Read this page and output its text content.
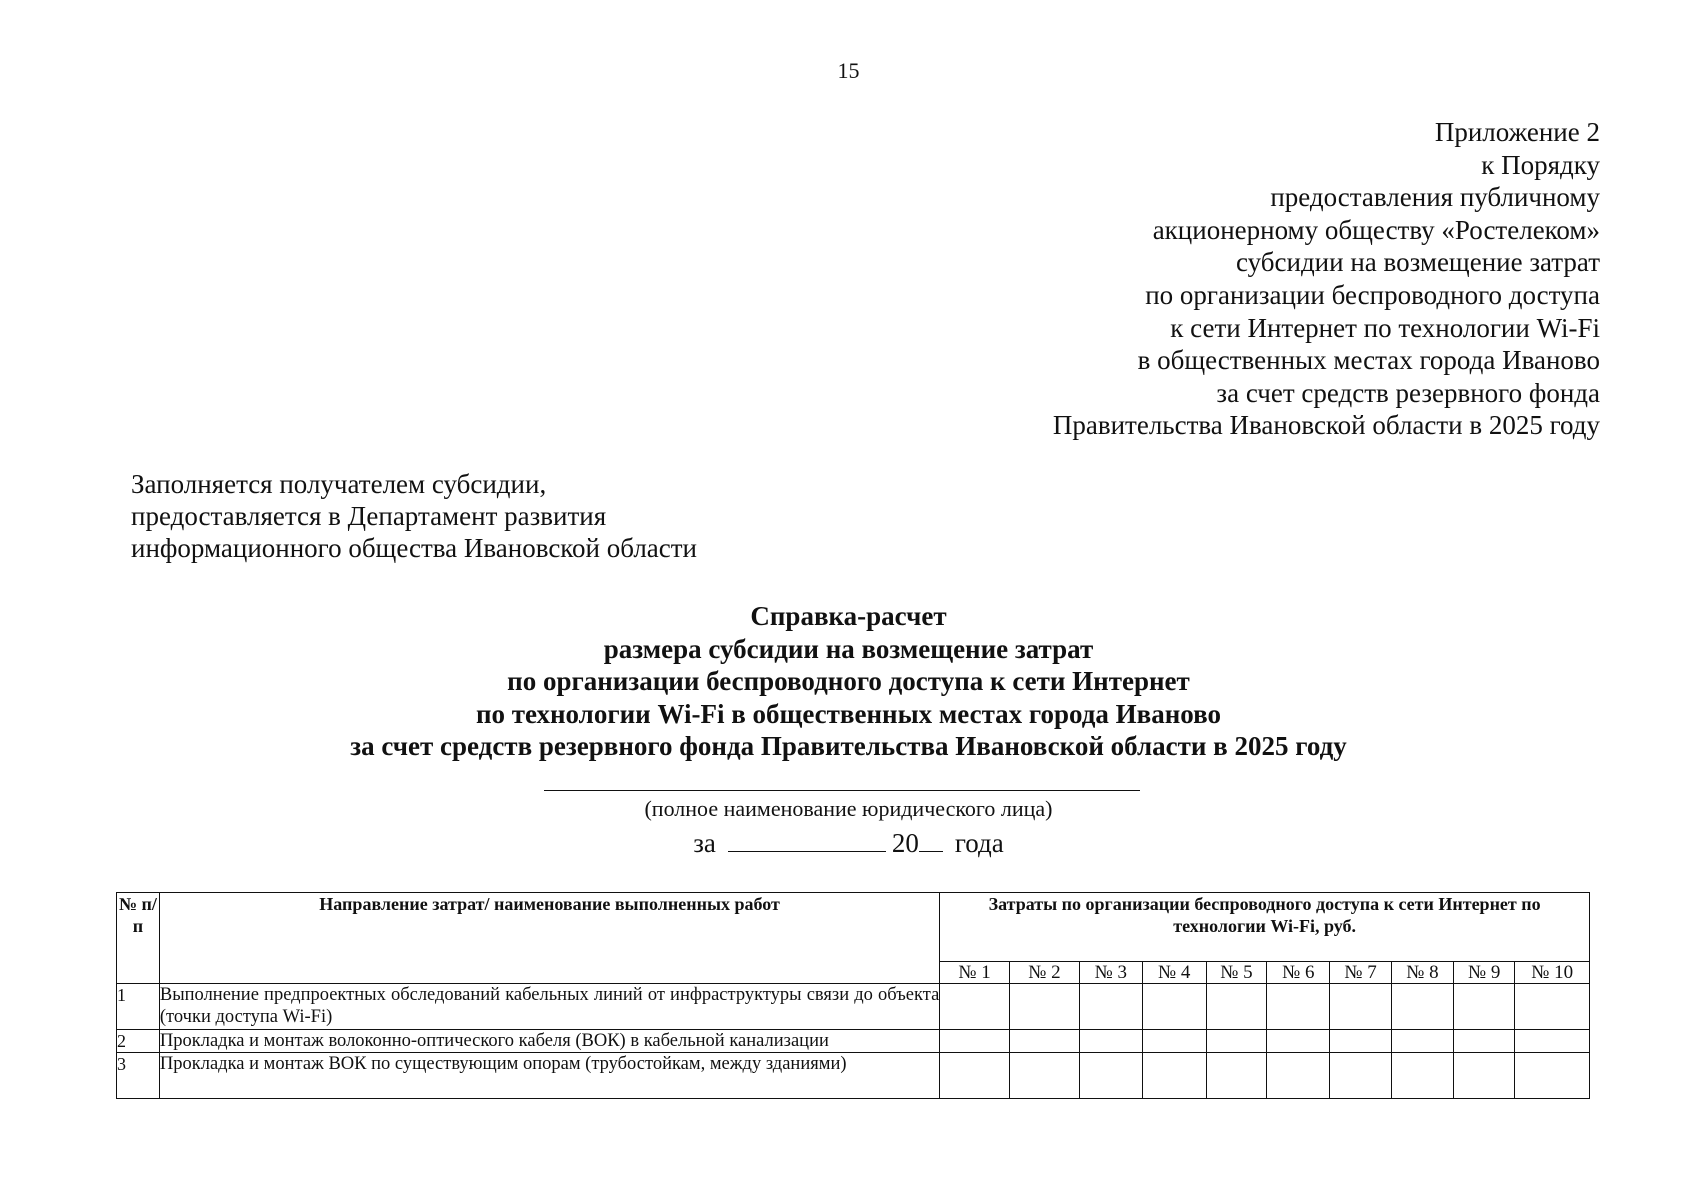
15
Приложение 2
к Порядку
предоставления публичному
акционерному обществу «Ростелеком»
субсидии на возмещение затрат
по организации беспроводного доступа
к сети Интернет по технологии Wi-Fi
в общественных местах города Иваново
за счет средств резервного фонда
Правительства Ивановской области в 2025 году
Заполняется получателем субсидии,
предоставляется в Департамент развития
информационного общества Ивановской области
Справка-расчет
размера субсидии на возмещение затрат
по организации беспроводного доступа к сети Интернет
по технологии Wi-Fi в общественных местах города Иваново
за счет средств резервного фонда Правительства Ивановской области в 2025 году
(полное наименование юридического лица)
за	20 года
№ п/п	Направление затрат/ наименование выполненных работ	Затраты по организации беспроводного доступа к сети Интернет по технологии Wi-Fi, руб.									
		№ 1	№ 2	№ 3	№ 4	№ 5	№ 6	№ 7	№ 8	№ 9	№ 10
1	Выполнение предпроектных обследований кабельных линий от инфраструктуры связи до объекта (точки доступа Wi-Fi)										
2	Прокладка и монтаж волоконно-оптического кабеля (ВОК) в кабельной канализации										
3	Прокладка и монтаж ВОК по существующим опорам (трубостойкам, между зданиями)										
